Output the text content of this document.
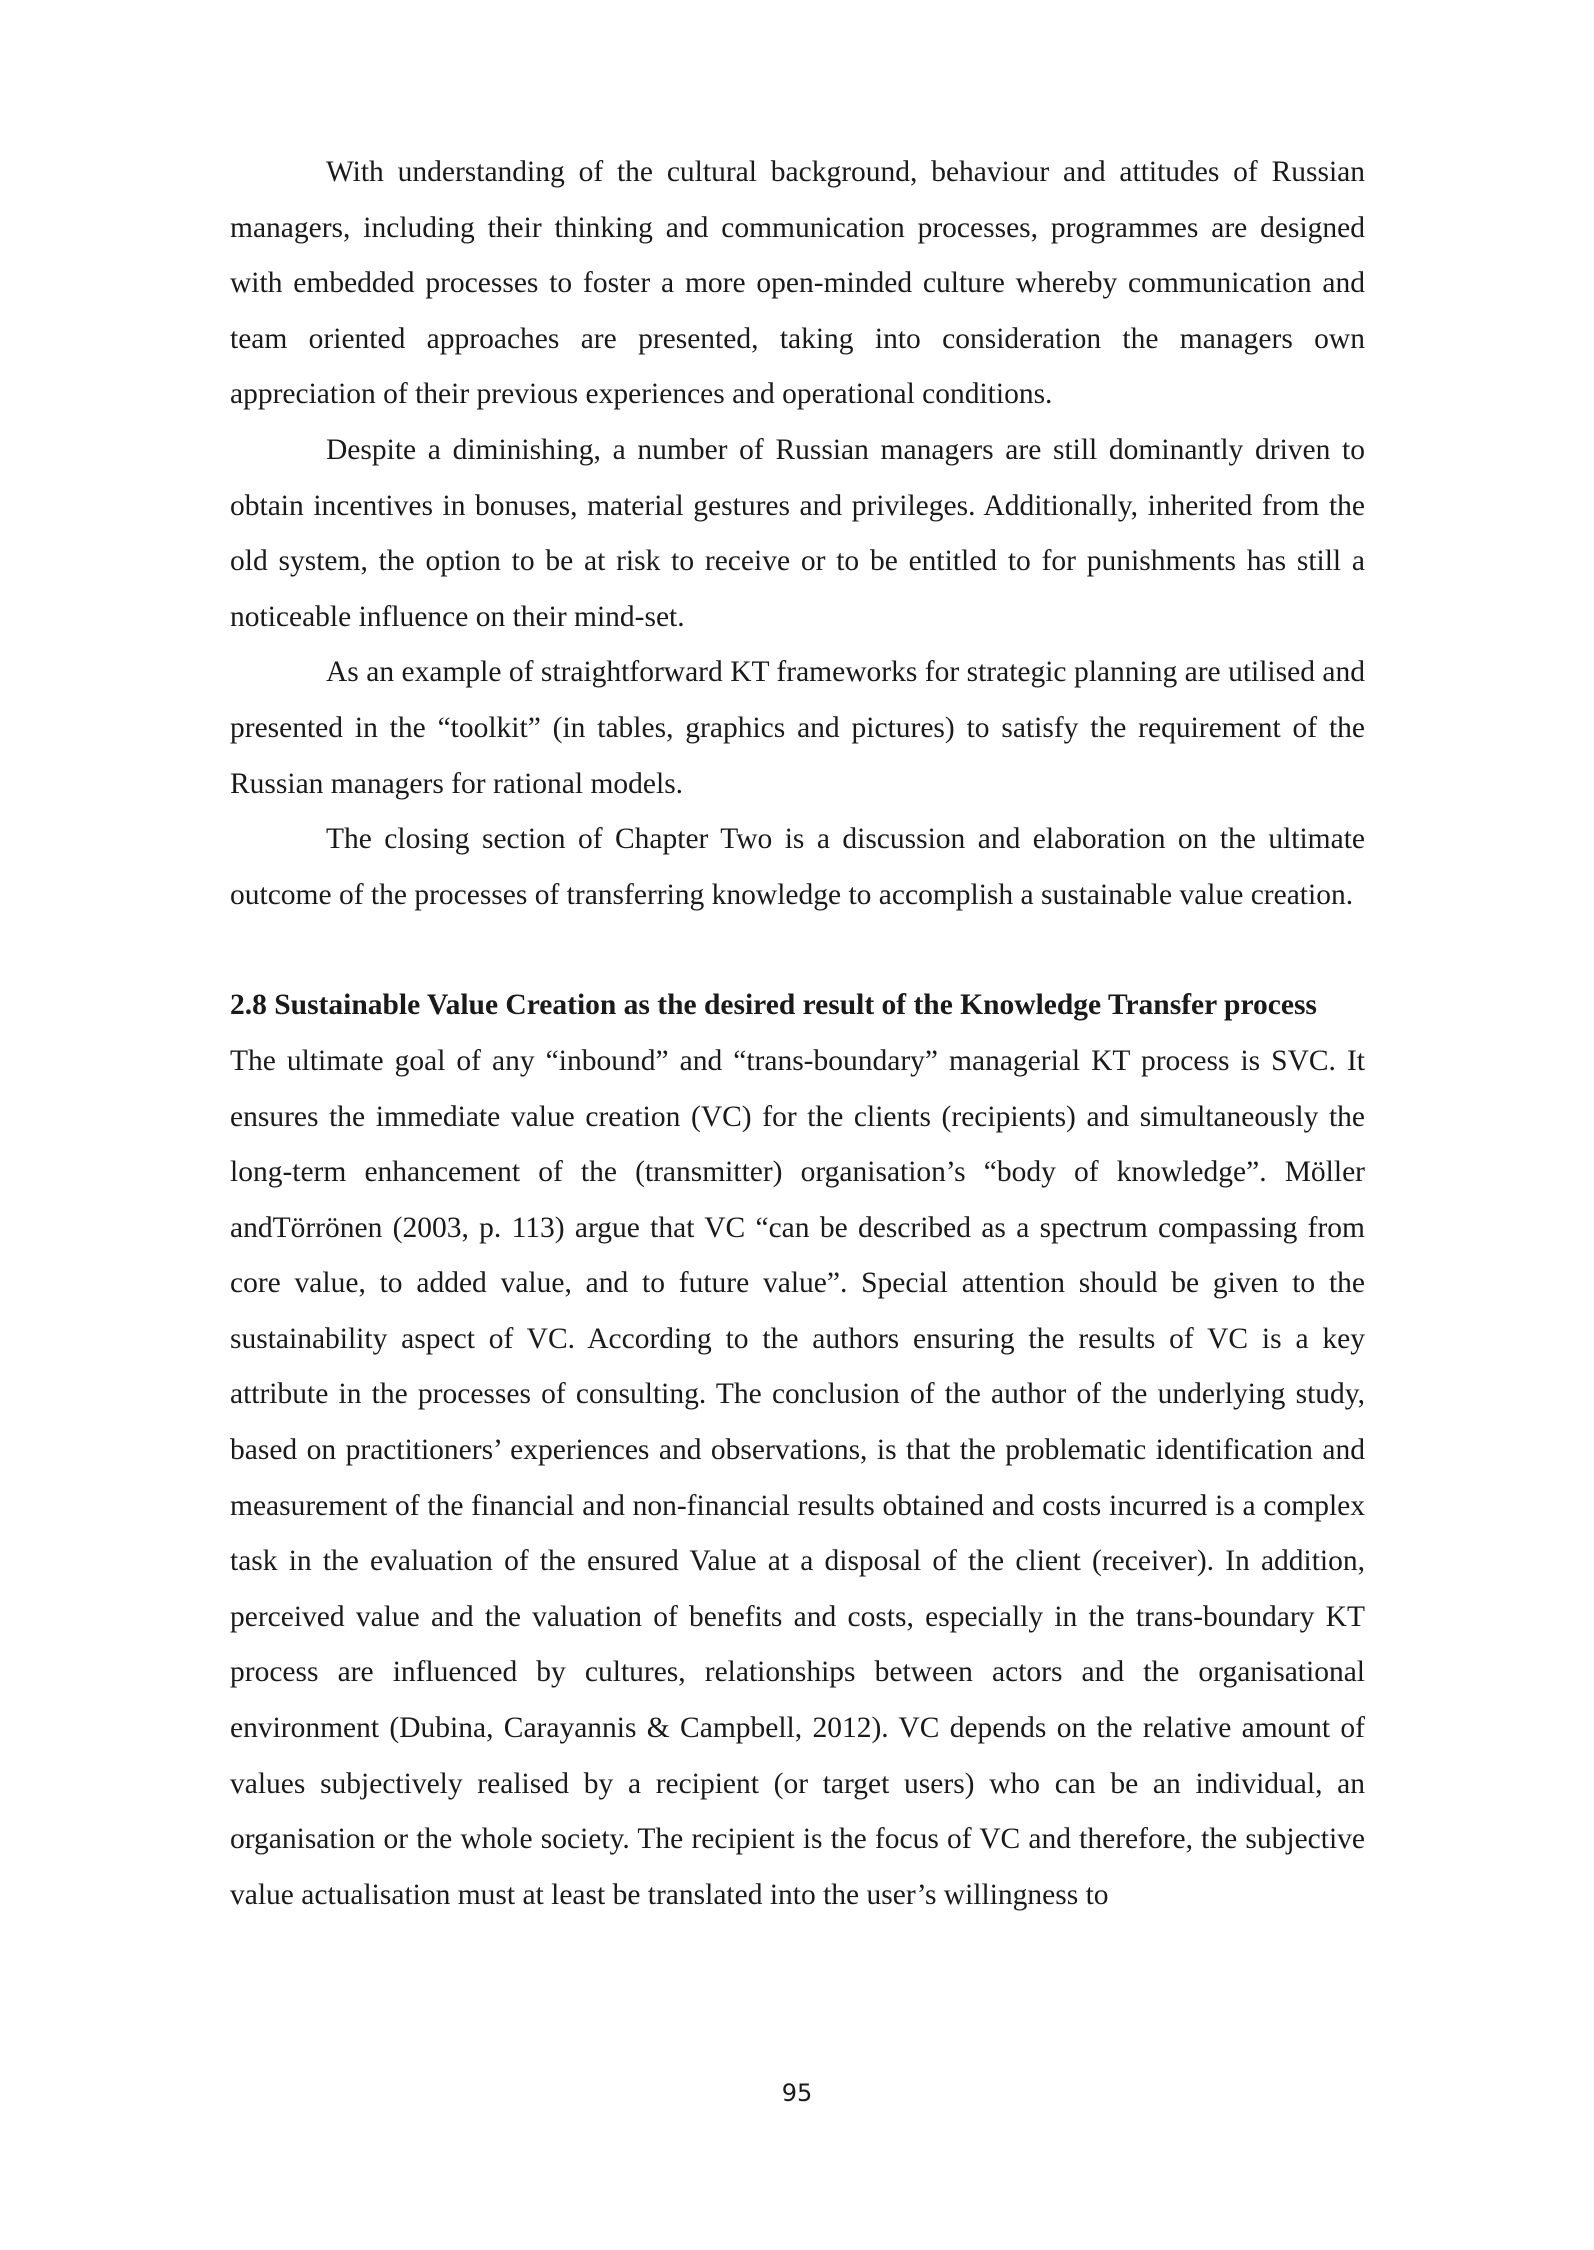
With understanding of the cultural background, behaviour and attitudes of Russian managers, including their thinking and communication processes, programmes are designed with embedded processes to foster a more open-minded culture whereby communication and team oriented approaches are presented, taking into consideration the managers own appreciation of their previous experiences and operational conditions.

Despite a diminishing, a number of Russian managers are still dominantly driven to obtain incentives in bonuses, material gestures and privileges. Additionally, inherited from the old system, the option to be at risk to receive or to be entitled to for punishments has still a noticeable influence on their mind-set.

As an example of straightforward KT frameworks for strategic planning are utilised and presented in the “toolkit” (in tables, graphics and pictures) to satisfy the requirement of the Russian managers for rational models.

The closing section of Chapter Two is a discussion and elaboration on the ultimate outcome of the processes of transferring knowledge to accomplish a sustainable value creation.

2.8 Sustainable Value Creation as the desired result of the Knowledge Transfer process

The ultimate goal of any “inbound” and “trans-boundary” managerial KT process is SVC. It ensures the immediate value creation (VC) for the clients (recipients) and simultaneously the long-term enhancement of the (transmitter) organisation’s “body of knowledge”. Möller andTörrönen (2003, p. 113) argue that VC “can be described as a spectrum compassing from core value, to added value, and to future value”. Special attention should be given to the sustainability aspect of VC. According to the authors ensuring the results of VC is a key attribute in the processes of consulting. The conclusion of the author of the underlying study, based on practitioners’ experiences and observations, is that the problematic identification and measurement of the financial and non-financial results obtained and costs incurred is a complex task in the evaluation of the ensured Value at a disposal of the client (receiver). In addition, perceived value and the valuation of benefits and costs, especially in the trans-boundary KT process are influenced by cultures, relationships between actors and the organisational environment (Dubina, Carayannis & Campbell, 2012). VC depends on the relative amount of values subjectively realised by a recipient (or target users) who can be an individual, an organisation or the whole society. The recipient is the focus of VC and therefore, the subjective value actualisation must at least be translated into the user’s willingness to

95
